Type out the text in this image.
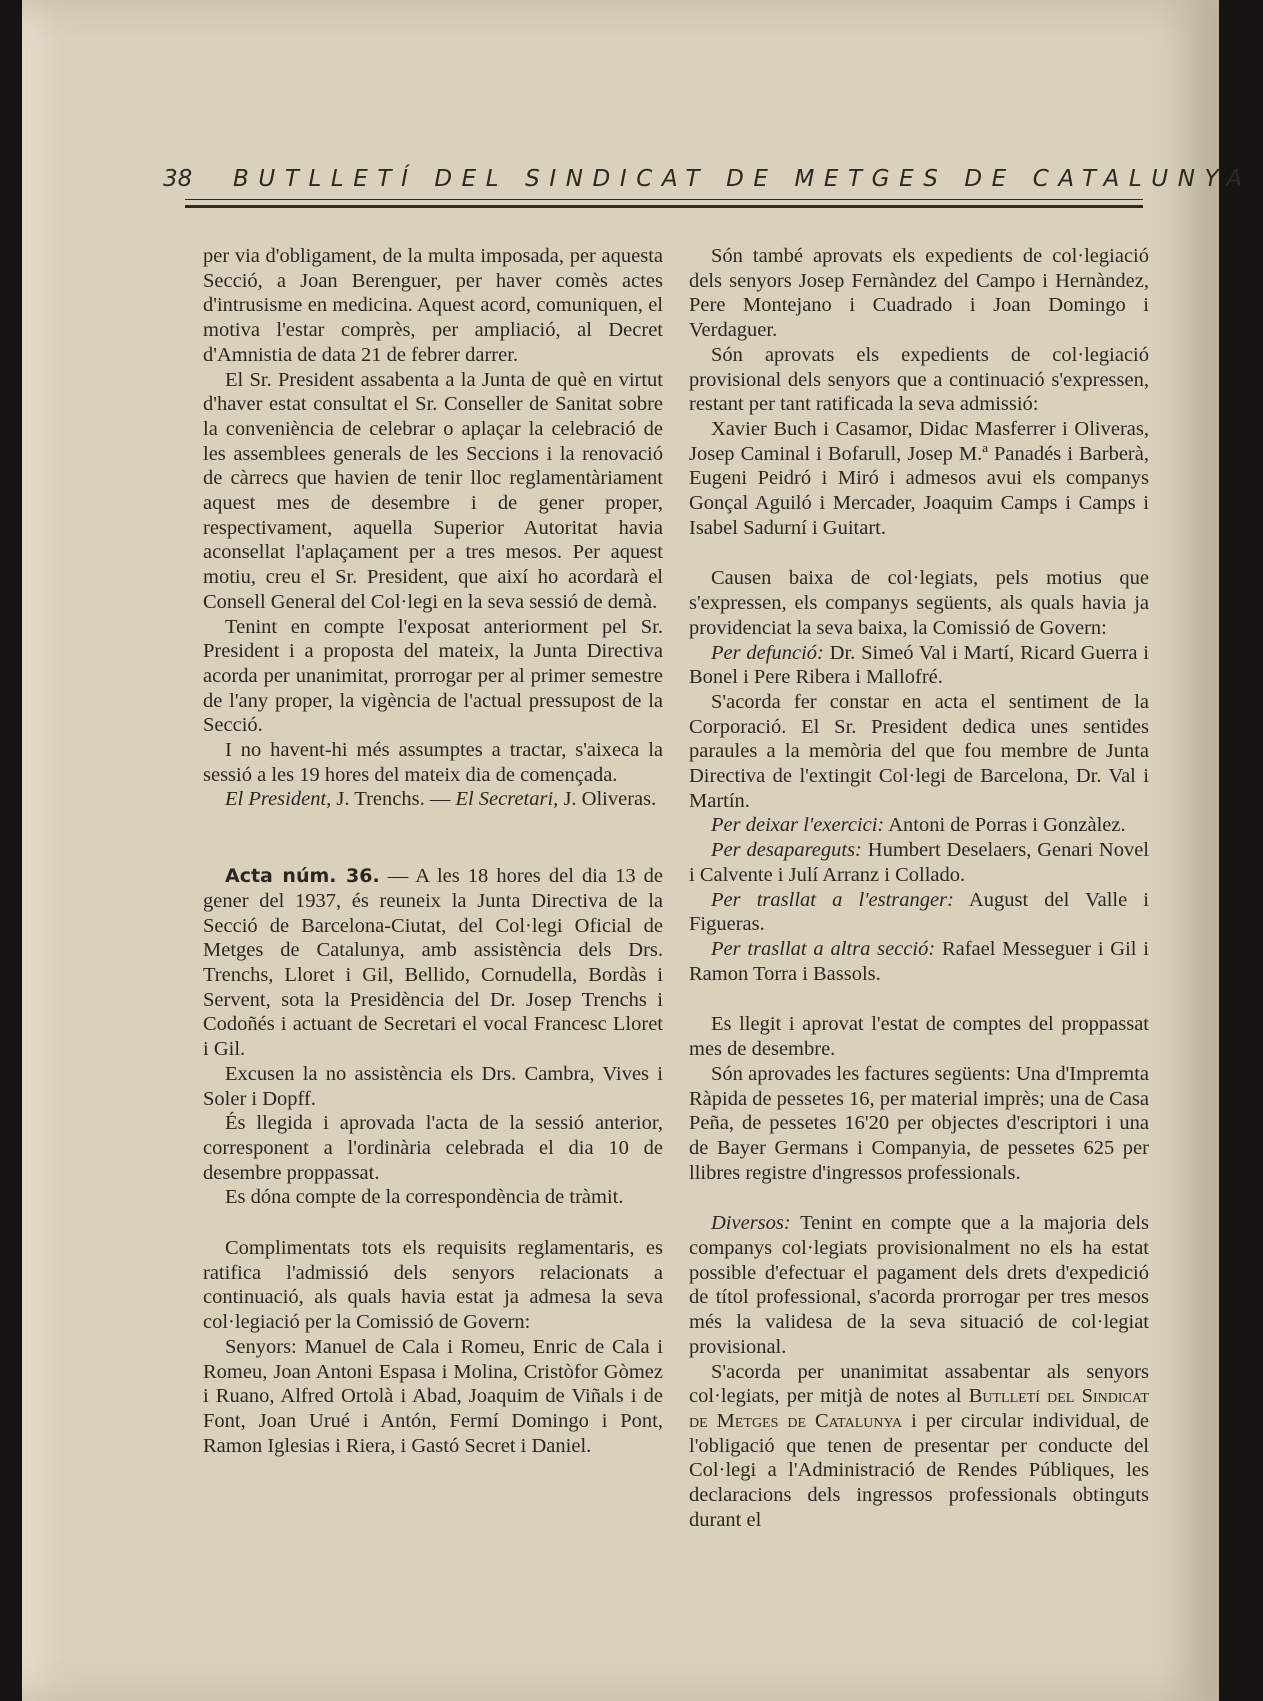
38 BUTLLETÍ DEL SINDICAT DE METGES DE CATALUNYA

per via d'obligament, de la multa imposada, per aquesta Secció, a Joan Berenguer, per haver comès actes d'intrusisme en medicina. Aquest acord, comuniquen, el motiva l'estar comprès, per ampliació, al Decret d'Amnistia de data 21 de febrer darrer.

El Sr. President assabenta a la Junta de què en virtut d'haver estat consultat el Sr. Conseller de Sanitat sobre la conveniència de celebrar o aplaçar la celebració de les assemblees generals de les Seccions i la renovació de càrrecs que havien de tenir lloc reglamentàriament aquest mes de desembre i de gener proper, respectivament, aquella Superior Autoritat havia aconsellat l'aplaçament per a tres mesos. Per aquest motiu, creu el Sr. President, que així ho acordarà el Consell General del Col·legi en la seva sessió de demà.

Tenint en compte l'exposat anteriorment pel Sr. President i a proposta del mateix, la Junta Directiva acorda per unanimitat, prorrogar per al primer semestre de l'any proper, la vigència de l'actual pressupost de la Secció.

I no havent-hi més assumptes a tractar, s'aixeca la sessió a les 19 hores del mateix dia de començada.

El President, J. Trenchs. — El Secretari, J. Oliveras.

Acta núm. 36. — A les 18 hores del dia 13 de gener del 1937, és reuneix la Junta Directiva de la Secció de Barcelona-Ciutat, del Col·legi Oficial de Metges de Catalunya, amb assistència dels Drs. Trenchs, Lloret i Gil, Bellido, Cornudella, Bordàs i Servent, sota la Presidència del Dr. Josep Trenchs i Codoñés i actuant de Secretari el vocal Francesc Lloret i Gil.

Excusen la no assistència els Drs. Cambra, Vives i Soler i Dopff.

És llegida i aprovada l'acta de la sessió anterior, corresponent a l'ordinària celebrada el dia 10 de desembre proppassat.

Es dóna compte de la correspondència de tràmit.

Complimentats tots els requisits reglamentaris, es ratifica l'admissió dels senyors relacionats a continuació, als quals havia estat ja admesa la seva col·legiació per la Comissió de Govern:

Senyors: Manuel de Cala i Romeu, Enric de Cala i Romeu, Joan Antoni Espasa i Molina, Cristòfor Gòmez i Ruano, Alfred Ortolà i Abad, Joaquim de Viñals i de Font, Joan Urué i Antón, Fermí Domingo i Pont, Ramon Iglesias i Riera, i Gastó Secret i Daniel.

Són també aprovats els expedients de col·legiació dels senyors Josep Fernàndez del Campo i Hernàndez, Pere Montejano i Cuadrado i Joan Domingo i Verdaguer.

Són aprovats els expedients de col·legiació provisional dels senyors que a continuació s'expressen, restant per tant ratificada la seva admissió:

Xavier Buch i Casamor, Didac Masferrer i Oliveras, Josep Caminal i Bofarull, Josep M.ª Panadés i Barberà, Eugeni Peidró i Miró i admesos avui els companys Gonçal Aguiló i Mercader, Joaquim Camps i Camps i Isabel Sadurní i Guitart.

Causen baixa de col·legiats, pels motius que s'expressen, els companys següents, als quals havia ja providenciat la seva baixa, la Comissió de Govern:

Per defunció: Dr. Simeó Val i Martí, Ricard Guerra i Bonel i Pere Ribera i Mallofré.

S'acorda fer constar en acta el sentiment de la Corporació. El Sr. President dedica unes sentides paraules a la memòria del que fou membre de Junta Directiva de l'extingit Col·legi de Barcelona, Dr. Val i Martín.

Per deixar l'exercici: Antoni de Porras i Gonzàlez.

Per desapareguts: Humbert Deselaers, Genari Novel i Calvente i Julí Arranz i Collado.

Per trasllat a l'estranger: August del Valle i Figueras.

Per trasllat a altra secció: Rafael Messeguer i Gil i Ramon Torra i Bassols.

Es llegit i aprovat l'estat de comptes del proppassat mes de desembre.

Són aprovades les factures següents: Una d'Impremta Ràpida de pessetes 16, per material imprès; una de Casa Peña, de pessetes 16'20 per objectes d'escriptori i una de Bayer Germans i Companyia, de pessetes 625 per llibres registre d'ingressos professionals.

Diversos: Tenint en compte que a la majoria dels companys col·legiats provisionalment no els ha estat possible d'efectuar el pagament dels drets d'expedició de títol professional, s'acorda prorrogar per tres mesos més la validesa de la seva situació de col·legiat provisional.

S'acorda per unanimitat assabentar als senyors col·legiats, per mitjà de notes al Butlletí del Sindicat de Metges de Catalunya i per circular individual, de l'obligació que tenen de presentar per conducte del Col·legi a l'Administració de Rendes Públiques, les declaracions dels ingressos professionals obtinguts durant el
